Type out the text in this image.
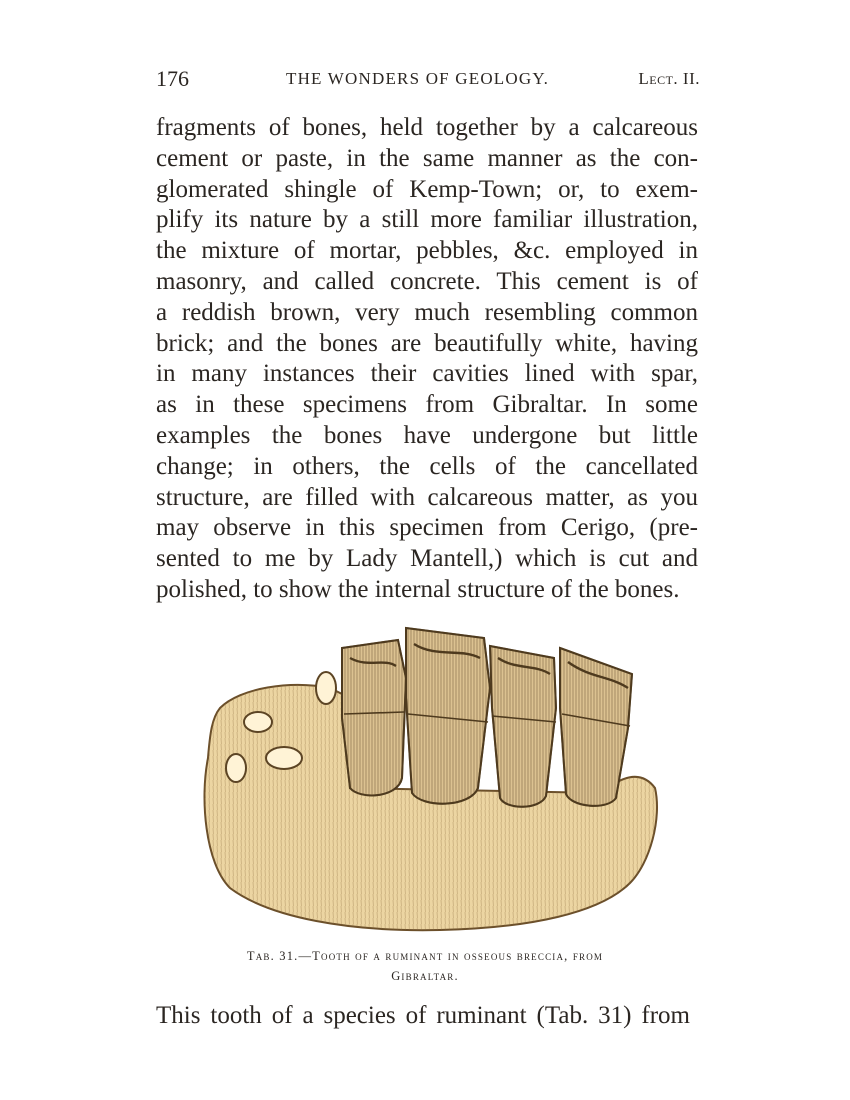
176	THE WONDERS OF GEOLOGY.	Lect. II.
fragments of bones, held together by a calcareous
cement or paste, in the same manner as the con-
glomerated shingle of Kemp-Town; or, to exem-
plify its nature by a still more familiar illustration,
the mixture of mortar, pebbles, &c. employed in
masonry, and called concrete. This cement is of
a reddish brown, very much resembling common
brick; and the bones are beautifully white, having
in many instances their cavities lined with spar,
as in these specimens from Gibraltar. In some
examples the bones have undergone but little
change; in others, the cells of the cancellated
structure, are filled with calcareous matter, as you
may observe in this specimen from Cerigo, (pre-
sented to me by Lady Mantell,) which is cut and
polished, to show the internal structure of the bones.
Tab. 31.—Tooth of a ruminant in osseous breccia, from
Gibraltar.
This tooth of a species of ruminant (Tab. 31) from
